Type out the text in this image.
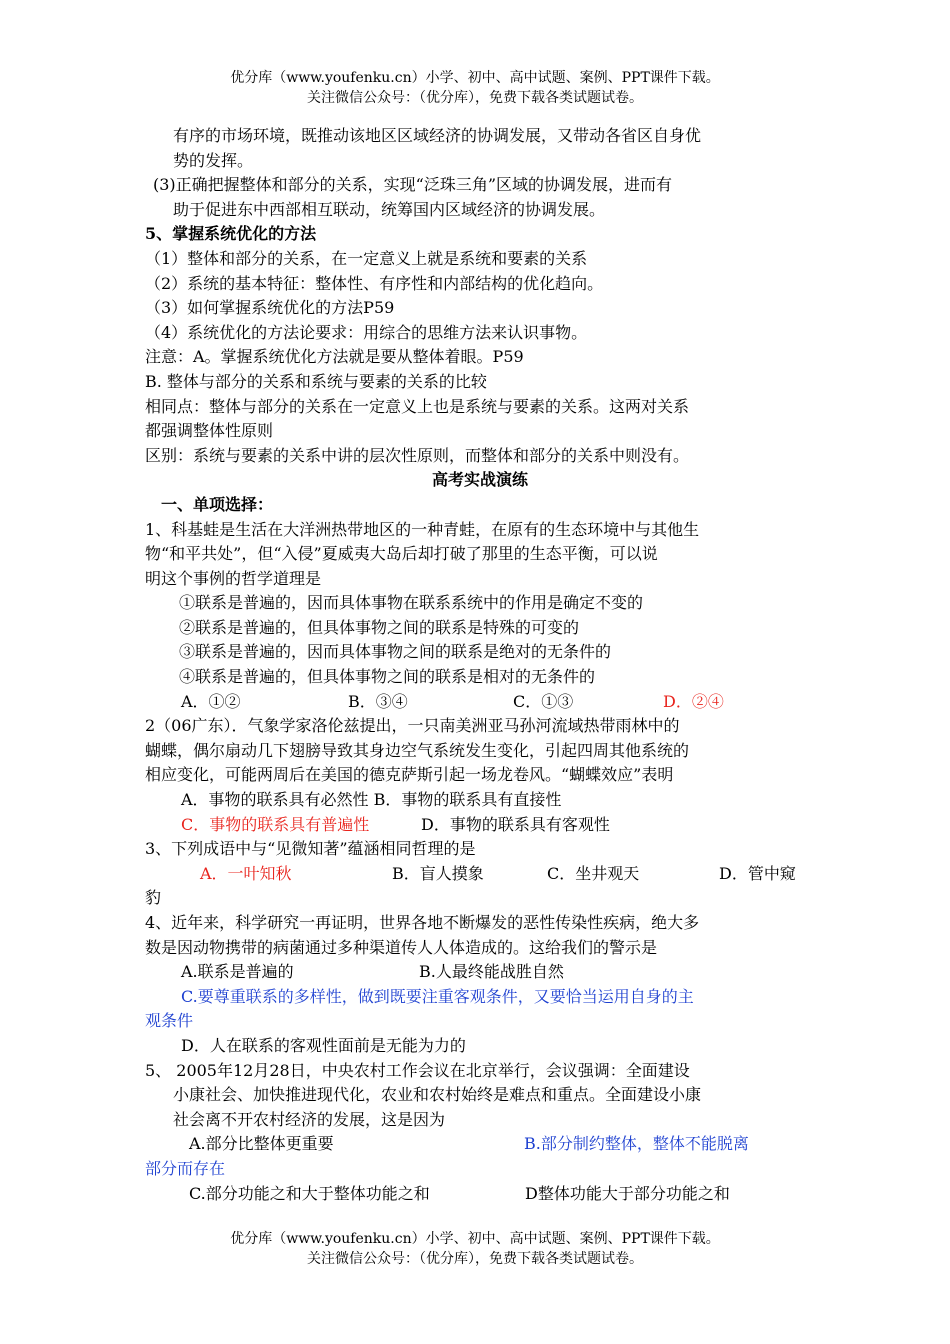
优分库（www.youfenku.cn）小学、初中、高中试题、案例、PPT课件下载。
关注微信公众号：（优分库），免费下载各类试题试卷。
有序的市场环境，既推动该地区区域经济的协调发展，又带动各省区自身优
势的发挥。
(3)正确把握整体和部分的关系，实现“泛珠三角”区域的协调发展，进而有
助于促进东中西部相互联动，统筹国内区域经济的协调发展。
5、掌握系统优化的方法
（1）整体和部分的关系，在一定意义上就是系统和要素的关系
（2）系统的基本特征：整体性、有序性和内部结构的优化趋向。
（3）如何掌握系统优化的方法P59
（4）系统优化的方法论要求：用综合的思维方法来认识事物。
注意：A。掌握系统优化方法就是要从整体着眼。P59
B. 整体与部分的关系和系统与要素的关系的比较
相同点：整体与部分的关系在一定意义上也是系统与要素的关系。这两对关系
都强调整体性原则
区别：系统与要素的关系中讲的层次性原则，而整体和部分的关系中则没有。
高考实战演练
一、单项选择：
1、科基蛙是生活在大洋洲热带地区的一种青蛙，在原有的生态环境中与其他生
物“和平共处”，但“入侵”夏威夷大岛后却打破了那里的生态平衡，可以说
明这个事例的哲学道理是
①联系是普遍的，因而具体事物在联系系统中的作用是确定不变的
②联系是普遍的，但具体事物之间的联系是特殊的可变的
③联系是普遍的，因而具体事物之间的联系是绝对的无条件的
④联系是普遍的，但具体事物之间的联系是相对的无条件的
A．①②	B．③④	C．①③	D．②④
2（06广东）．气象学家洛伦兹提出，一只南美洲亚马孙河流域热带雨林中的
蝴蝶，偶尔扇动几下翅膀导致其身边空气系统发生变化，引起四周其他系统的
相应变化，可能两周后在美国的德克萨斯引起一场龙卷风。“蝴蝶效应”表明
A．事物的联系具有必然性 B．事物的联系具有直接性
C．事物的联系具有普遍性	D．事物的联系具有客观性
3、下列成语中与“见微知著”蕴涵相同哲理的是
A．一叶知秋	B．盲人摸象	C．坐井观天	D．管中窥
豹
4、近年来，科学研究一再证明，世界各地不断爆发的恶性传染性疾病，绝大多
数是因动物携带的病菌通过多种渠道传人人体造成的。这给我们的警示是
A.联系是普遍的	B.人最终能战胜自然
C.要尊重联系的多样性，做到既要注重客观条件，又要恰当运用自身的主
观条件
D．人在联系的客观性面前是无能为力的
5、 2005年12月28日，中央农村工作会议在北京举行，会议强调：全面建设
小康社会、加快推进现代化，农业和农村始终是难点和重点。全面建设小康
社会离不开农村经济的发展，这是因为
A.部分比整体更重要	B.部分制约整体，整体不能脱离
部分而存在
C.部分功能之和大于整体功能之和	D整体功能大于部分功能之和
优分库（www.youfenku.cn）小学、初中、高中试题、案例、PPT课件下载。
关注微信公众号：（优分库），免费下载各类试题试卷。
